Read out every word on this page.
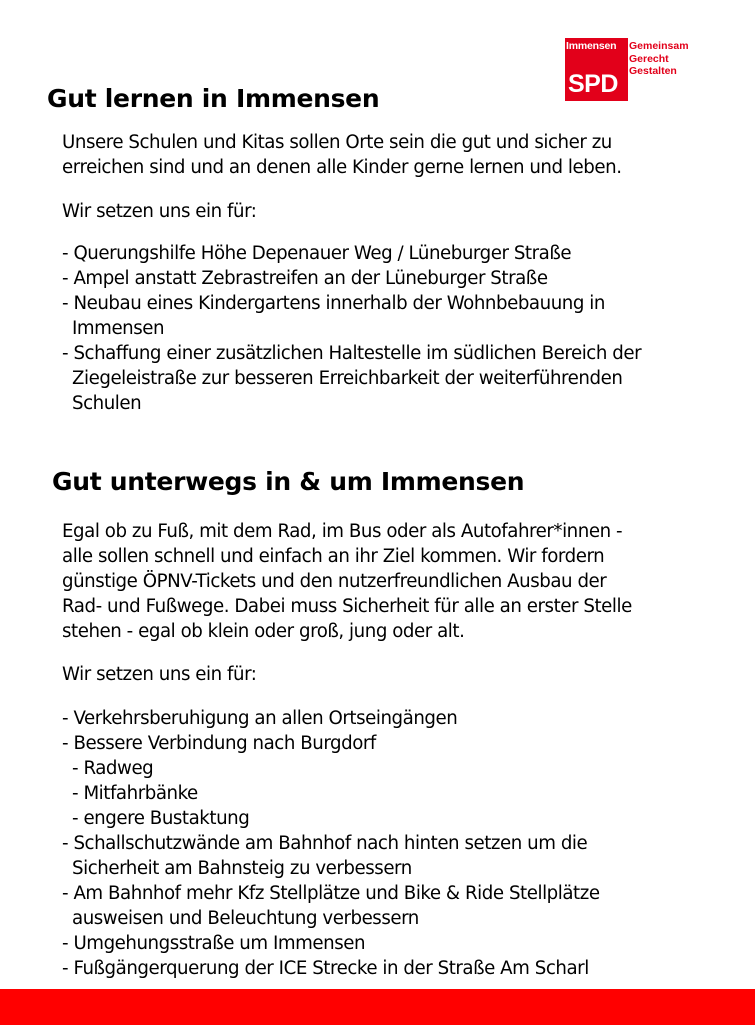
Immensen
SPD
Gemeinsam
Gerecht
Gestalten
Gut lernen in Immensen

Unsere Schulen und Kitas sollen Orte sein die gut und sicher zu
erreichen sind und an denen alle Kinder gerne lernen und leben.

Wir setzen uns ein für:

- Querungshilfe Höhe Depenauer Weg / Lüneburger Straße
- Ampel anstatt Zebrastreifen an der Lüneburger Straße
- Neubau eines Kindergartens innerhalb der Wohnbebauung in
Immensen
- Schaffung einer zusätzlichen Haltestelle im südlichen Bereich der
Ziegeleistraße zur besseren Erreichbarkeit der weiterführenden
Schulen
Gut unterwegs in & um Immensen

Egal ob zu Fuß, mit dem Rad, im Bus oder als Autofahrer*innen -
alle sollen schnell und einfach an ihr Ziel kommen. Wir fordern
günstige ÖPNV-Tickets und den nutzerfreundlichen Ausbau der
Rad- und Fußwege. Dabei muss Sicherheit für alle an erster Stelle
stehen - egal ob klein oder groß, jung oder alt.

Wir setzen uns ein für:

- Verkehrsberuhigung an allen Ortseingängen
- Bessere Verbindung nach Burgdorf
- Radweg
- Mitfahrbänke
- engere Bustaktung
- Schallschutzwände am Bahnhof nach hinten setzen um die
Sicherheit am Bahnsteig zu verbessern
- Am Bahnhof mehr Kfz Stellplätze und Bike & Ride Stellplätze
ausweisen und Beleuchtung verbessern
- Umgehungsstraße um Immensen
- Fußgängerquerung der ICE Strecke in der Straße Am Scharl
